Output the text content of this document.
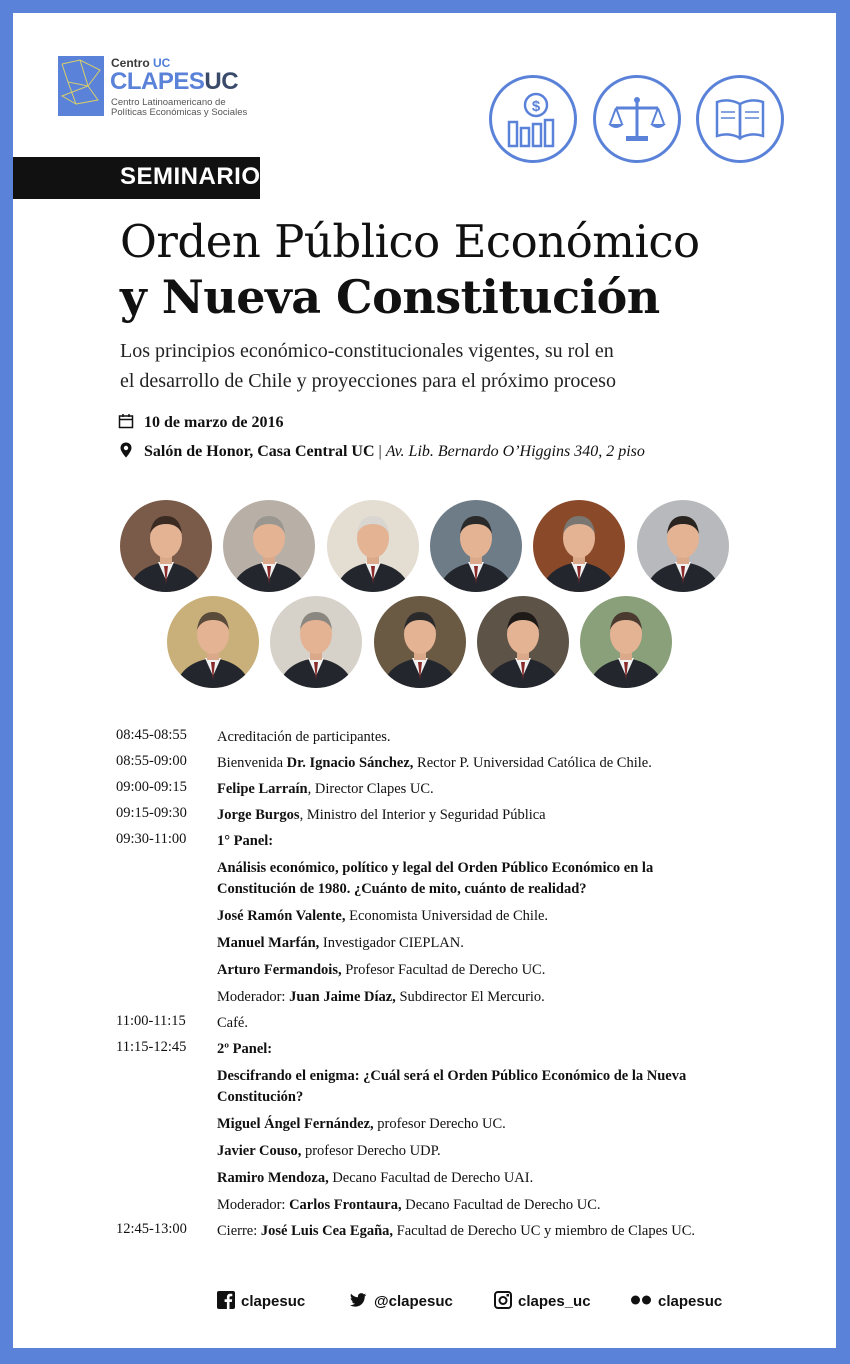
Centro UC
CLAPESUC
Centro Latinoamericano de
Políticas Económicas y Sociales	$
SEMINARIO
Orden Público Económico
y Nueva Constitución
Los principios económico-constitucionales vigentes, su rol en
el desarrollo de Chile y proyecciones para el próximo proceso
10 de marzo de 2016
Salón de Honor, Casa Central UC | Av. Lib. Bernardo O’Higgins 340, 2 piso
08:45-08:55 Acreditación de participantes.
08:55-09:00 Bienvenida Dr. Ignacio Sánchez, Rector P. Universidad Católica de Chile.
09:00-09:15 Felipe Larraín, Director Clapes UC.
09:15-09:30 Jorge Burgos, Ministro del Interior y Seguridad Pública
09:30-11:00 1° Panel:
Análisis económico, político y legal del Orden Público Económico en la
Constitución de 1980. ¿Cuánto de mito, cuánto de realidad?
José Ramón Valente, Economista Universidad de Chile.
Manuel Marfán, Investigador CIEPLAN.
Arturo Fermandois, Profesor Facultad de Derecho UC.
Moderador: Juan Jaime Díaz, Subdirector El Mercurio.
11:00-11:15 Café.
11:15-12:45 2º Panel:
Descifrando el enigma: ¿Cuál será el Orden Público Económico de la Nueva
Constitución?
Miguel Ángel Fernández, profesor Derecho UC.
Javier Couso, profesor Derecho UDP.
Ramiro Mendoza, Decano Facultad de Derecho UAI.
Moderador: Carlos Frontaura, Decano Facultad de Derecho UC.
12:45-13:00 Cierre: José Luis Cea Egaña, Facultad de Derecho UC y miembro de Clapes UC.
clapesuc	@clapesuc	clapes_uc	clapesuc
